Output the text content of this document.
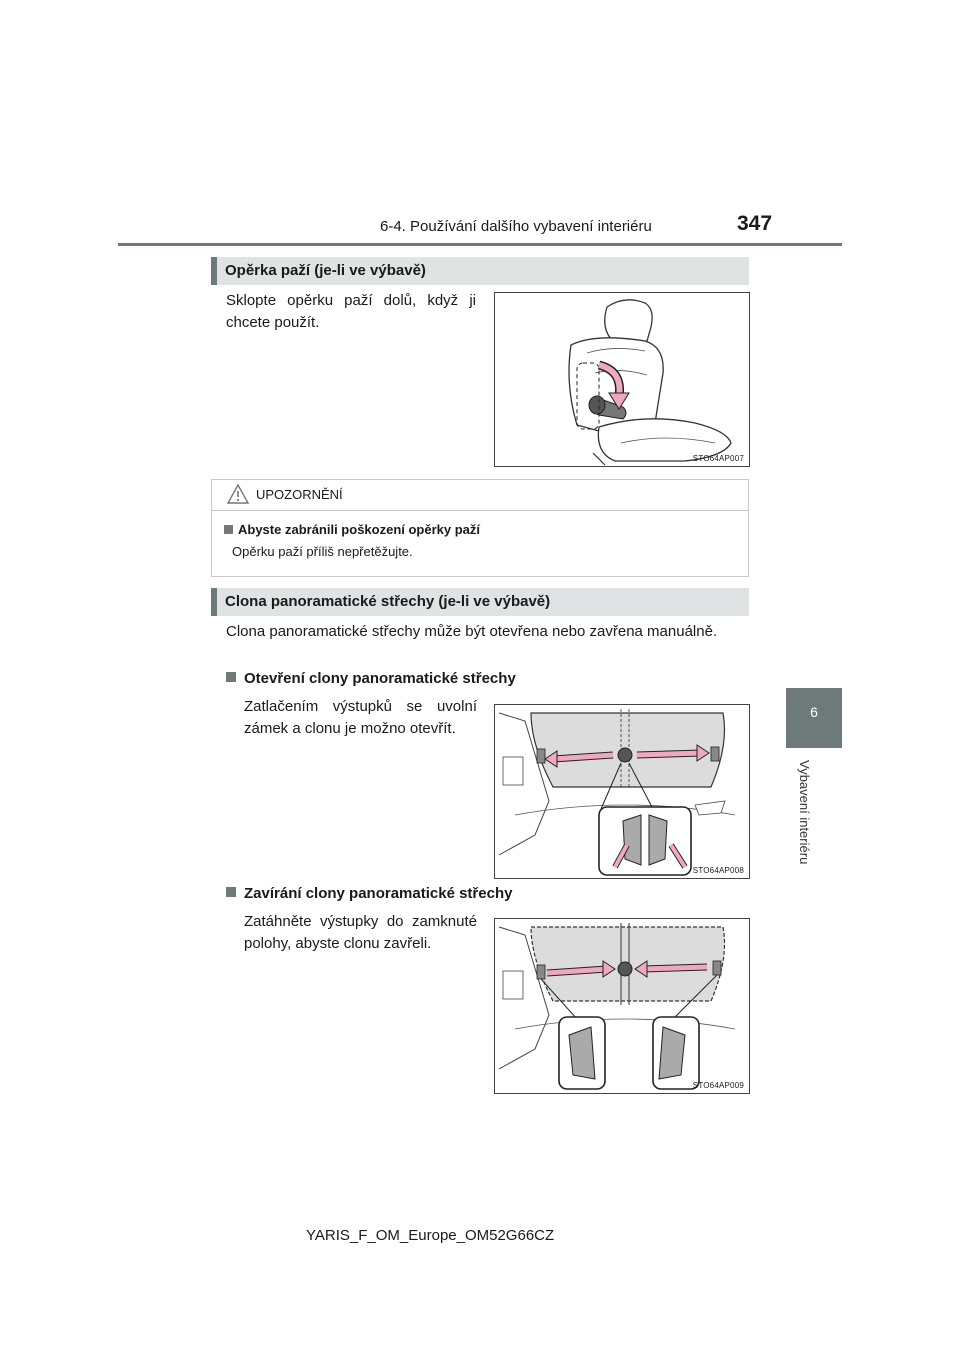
6-4. Používání dalšího vybavení interiéru	347
6
Vybavení interiéru
Opěrka paží (je-li ve výbavě)
Sklopte opěrku paží dolů, když ji chcete použít.
STO64AP007
UPOZORNĚNÍ
Abyste zabránili poškození opěrky paží
Opěrku paží příliš nepřetěžujte.
Clona panoramatické střechy (je-li ve výbavě)
Clona panoramatické střechy může být otevřena nebo zavřena manuálně.
Otevření clony panoramatické střechy
Zatlačením výstupků se uvolní zámek a clonu je možno otevřít.
STO64AP008
Zavírání clony panoramatické střechy
Zatáhněte výstupky do zamknuté polohy, abyste clonu zavřeli.
STO64AP009
YARIS_F_OM_Europe_OM52G66CZ
